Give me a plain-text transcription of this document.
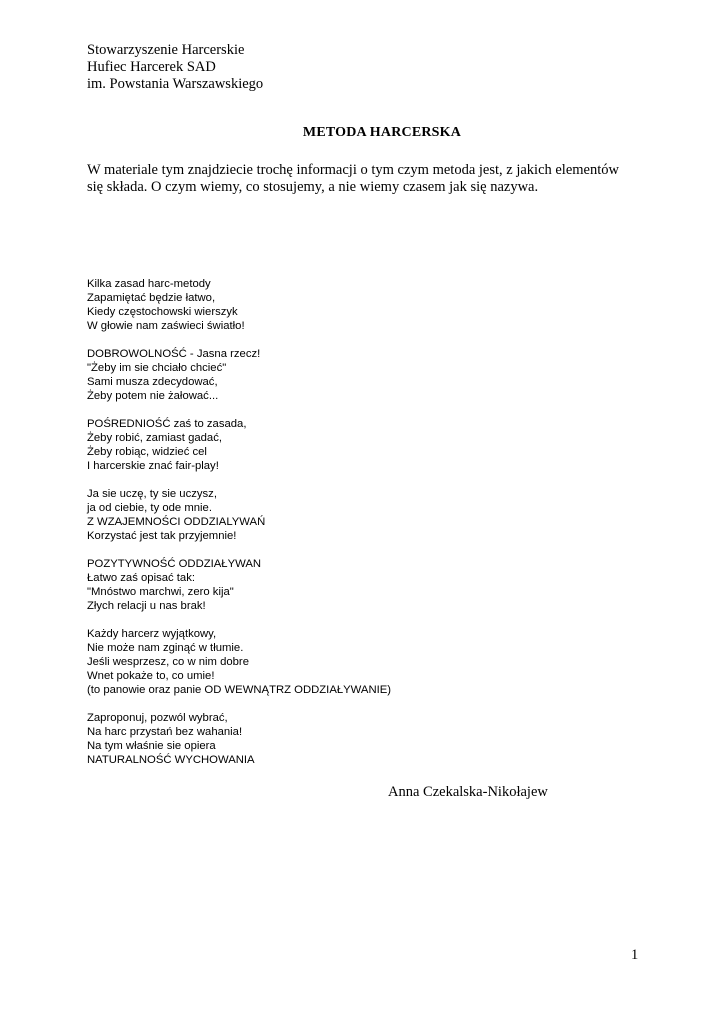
Stowarzyszenie Harcerskie
Hufiec Harcerek SAD
im. Powstania Warszawskiego
METODA HARCERSKA
W materiale tym znajdziecie trochę informacji o tym czym metoda jest, z jakich elementów
się składa. O czym wiemy, co stosujemy, a nie wiemy czasem jak się nazywa.
Kilka zasad harc-metody
Zapamiętać będzie łatwo,
Kiedy częstochowski wierszyk
W głowie nam zaświeci światło!
DOBROWOLNOŚĆ - Jasna rzecz!
"Żeby im sie chciało chcieć"
Sami musza zdecydować,
Żeby potem nie żałować...
POŚREDNIOŚĆ zaś to zasada,
Żeby robić, zamiast gadać,
Żeby robiąc, widzieć cel
I harcerskie znać fair-play!
Ja sie uczę, ty sie uczysz,
ja od ciebie, ty ode mnie.
Z WZAJEMNOŚCI ODDZIALYWAŃ
Korzystać jest tak przyjemnie!
POZYTYWNOŚĆ ODDZIAŁYWAN
Łatwo zaś opisać tak:
"Mnóstwo marchwi, zero kija"
Złych relacji u nas brak!
Każdy harcerz wyjątkowy,
Nie może nam zginąć w tłumie.
Jeśli wesprzesz, co w nim dobre
Wnet pokaże to, co umie!
(to panowie oraz panie OD WEWNĄTRZ ODDZIAŁYWANIE)
Zaproponuj, pozwól wybrać,
Na harc przystań bez wahania!
Na tym właśnie sie opiera
NATURALNOŚĆ WYCHOWANIA
Anna Czekalska-Nikołajew
1
